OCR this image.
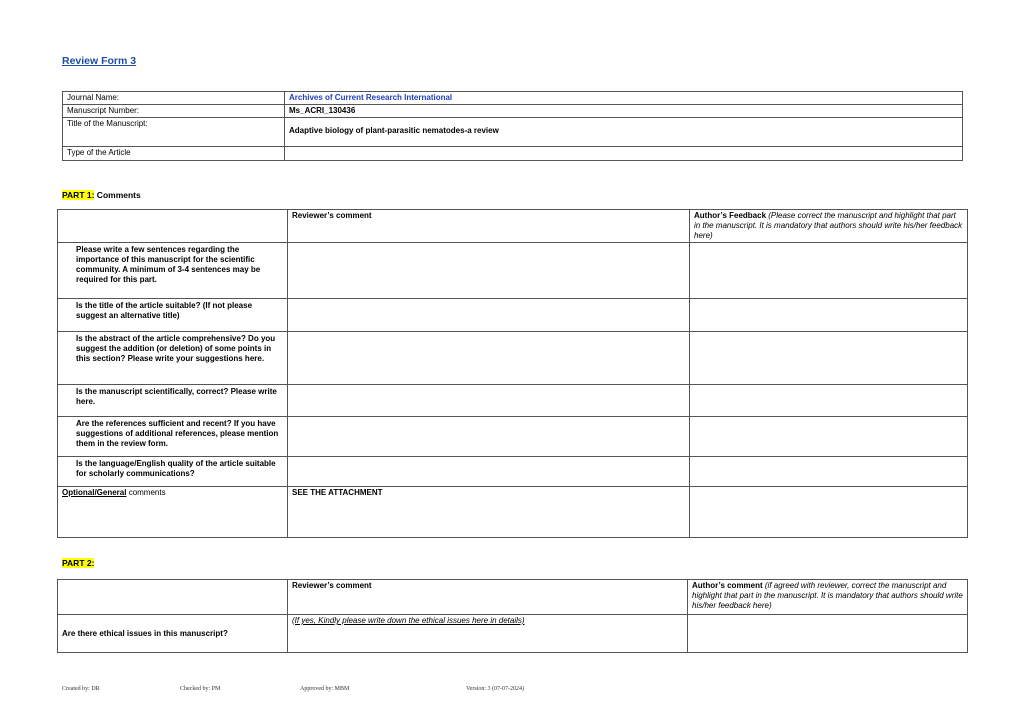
Review Form 3
Journal Name:	Archives of Current Research International
Manuscript Number:	Ms_ACRI_130436
Title of the Manuscript:	Adaptive biology of plant-parasitic nematodes-a review
Type of the Article	
PART 1: Comments
	Reviewer’s comment	Author’s Feedback (Please correct the manuscript and highlight that part in the manuscript. It is mandatory that authors should write his/her feedback here)
Please write a few sentences regarding the importance of this manuscript for the scientific community. A minimum of 3-4 sentences may be required for this part.		
Is the title of the article suitable? (If not please suggest an alternative title)		
Is the abstract of the article comprehensive? Do you suggest the addition (or deletion) of some points in this section? Please write your suggestions here.		
Is the manuscript scientifically, correct? Please write here.		
Are the references sufficient and recent? If you have suggestions of additional references, please mention them in the review form.		
Is the language/English quality of the article suitable for scholarly communications?		
Optional/General comments	SEE THE ATTACHMENT	
PART 2:
	Reviewer’s comment	Author’s comment (if agreed with reviewer, correct the manuscript and highlight that part in the manuscript. It is mandatory that authors should write his/her feedback here)
Are there ethical issues in this manuscript?	(If yes, Kindly please write down the ethical issues here in details)	
Created by: DR	Checked by: PM	Approved by: MBM	Version: 3 (07-07-2024)
